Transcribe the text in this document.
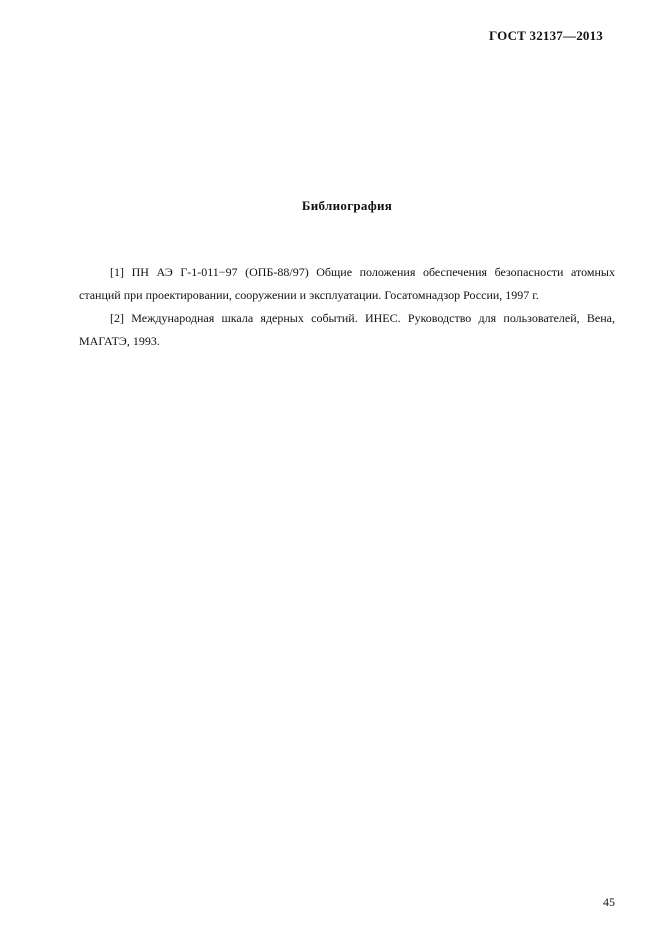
ГОСТ 32137—2013
Библиография

[1] ПН АЭ Г-1-011−97 (ОПБ-88/97) Общие положения обеспечения безопасности атомных станций при проектировании, сооружении и эксплуатации. Госатомнадзор России, 1997 г.

[2] Международная шкала ядерных событий. ИНЕС. Руководство для пользователей, Вена, МАГАТЭ, 1993.

45
